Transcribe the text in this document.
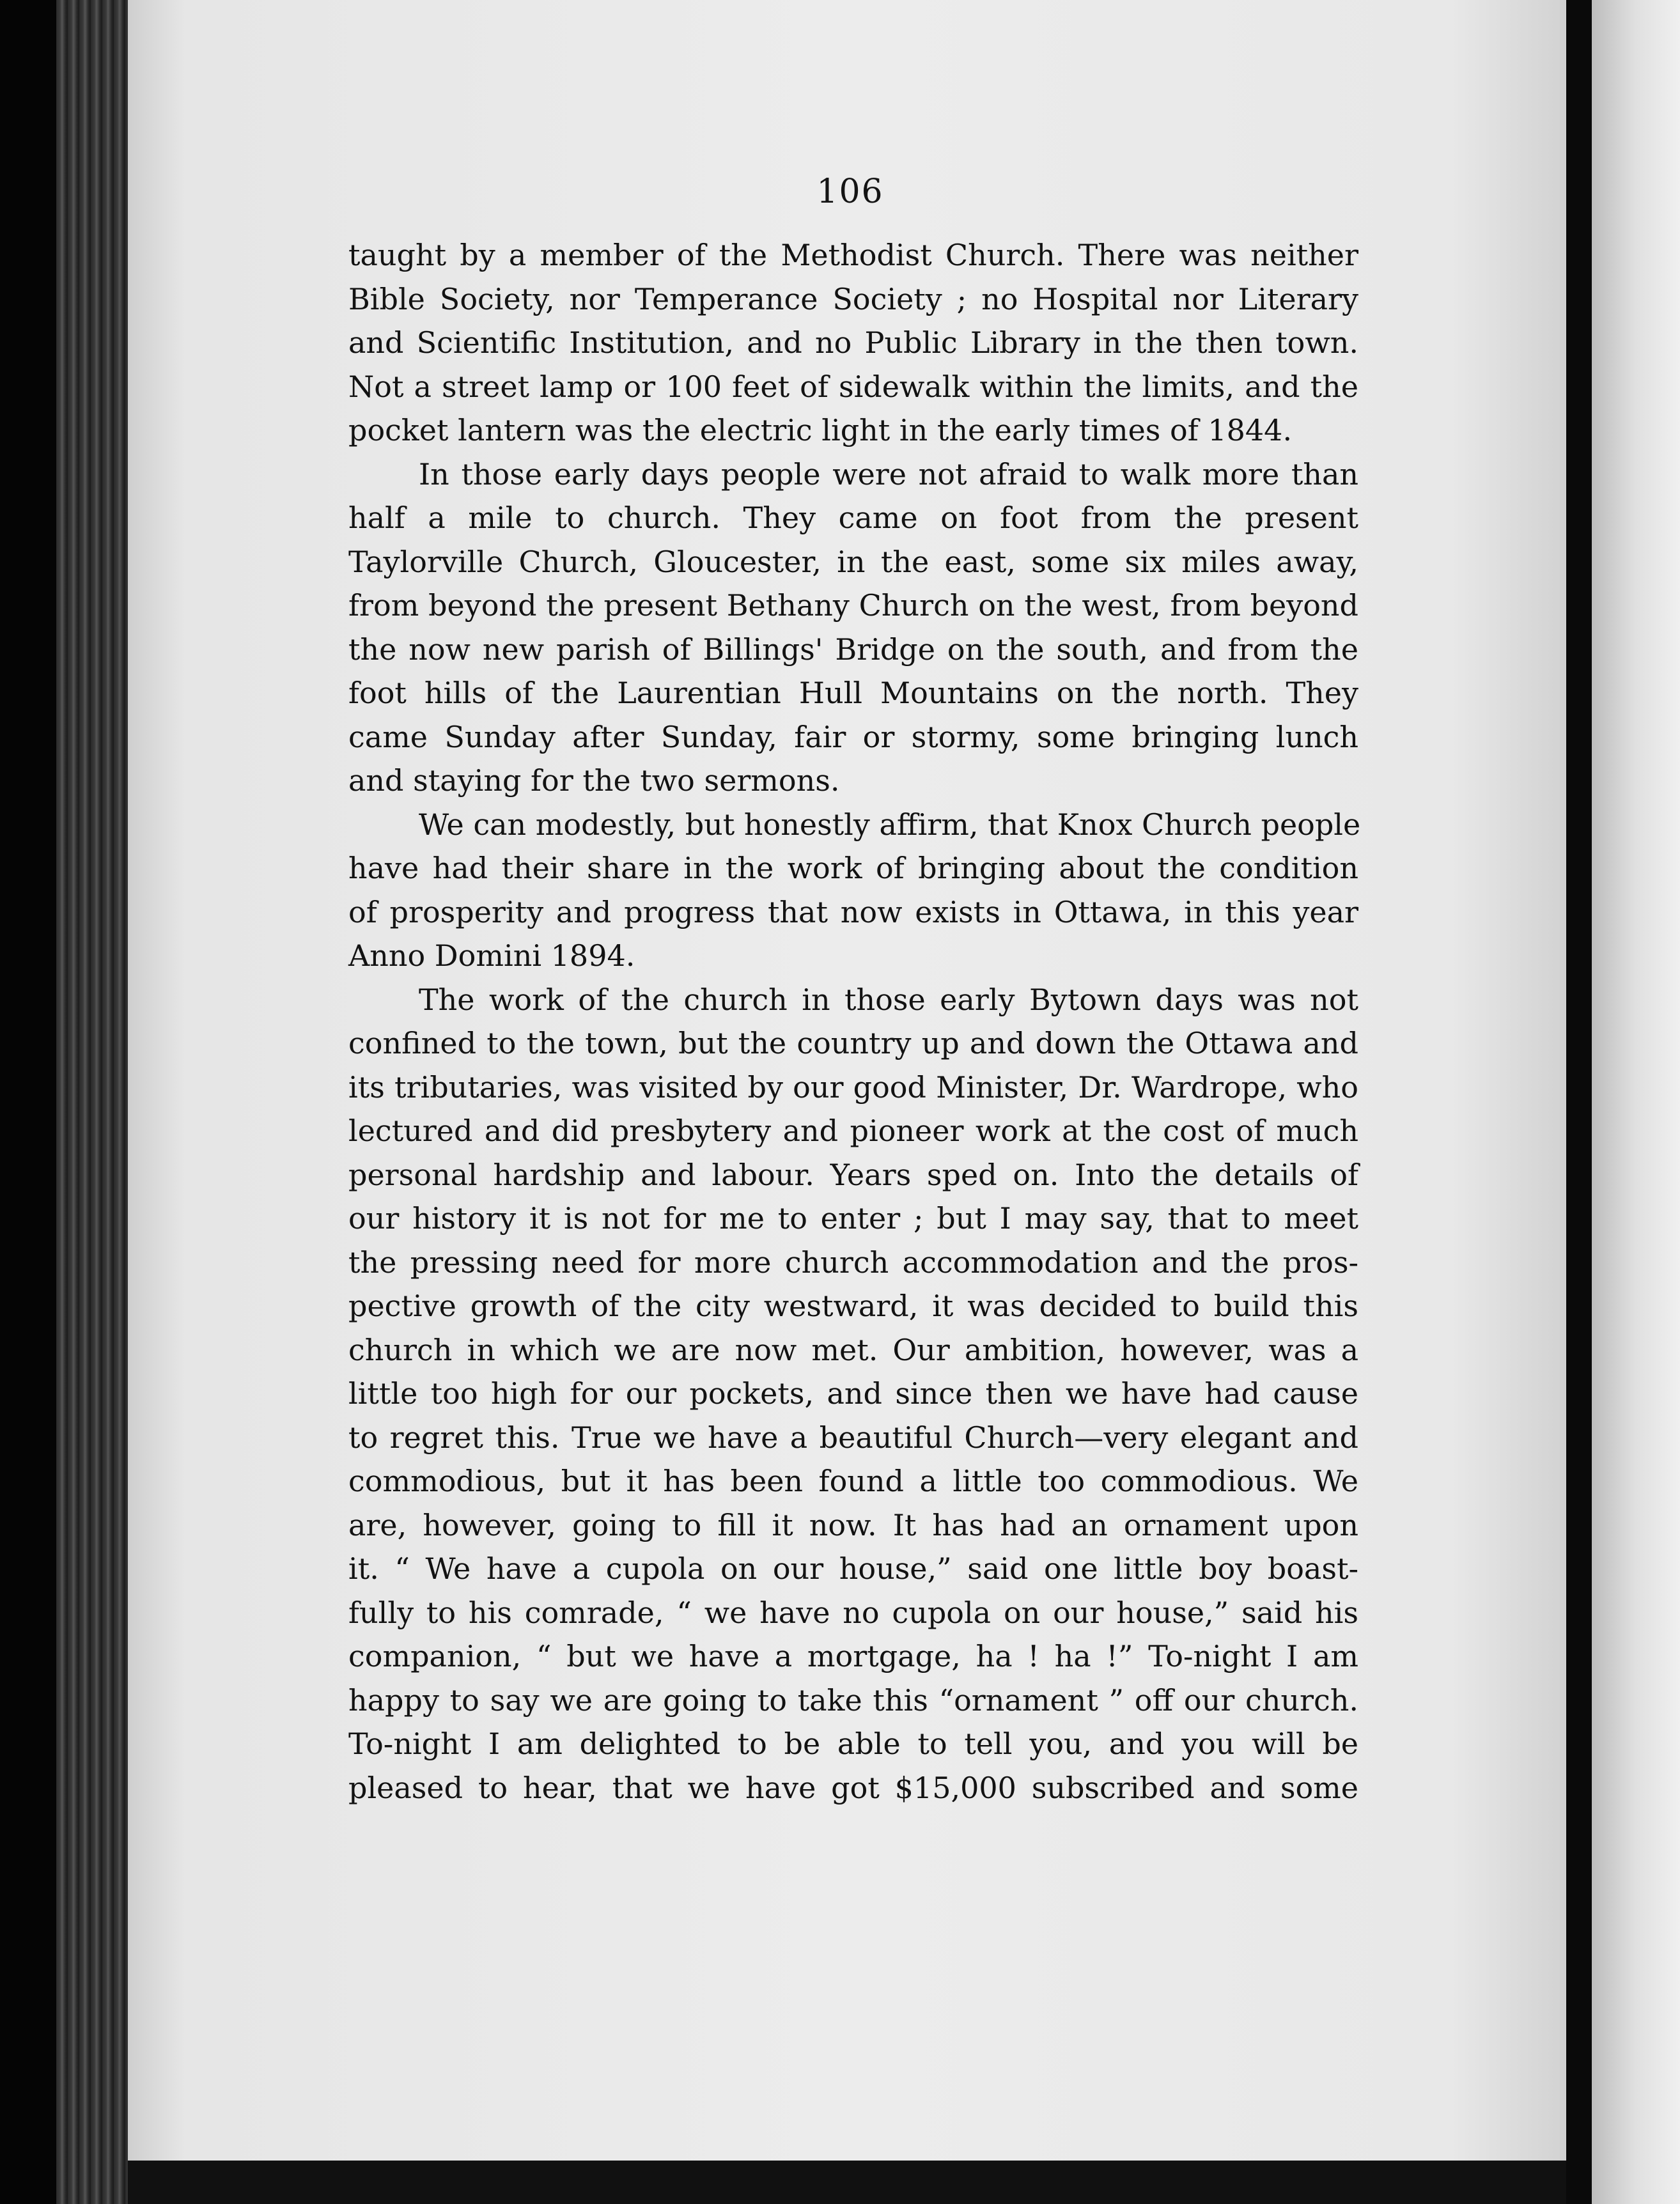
106
taught by a member of the Methodist Church. There was neither
Bible Society, nor Temperance Society ; no Hospital nor Literary
and Scientific Institution, and no Public Library in the then town.
Not a street lamp or 100 feet of sidewalk within the limits, and the
pocket lantern was the electric light in the early times of 1844.
In those early days people were not afraid to walk more than
half a mile to church. They came on foot from the present
Taylorville Church, Gloucester, in the east, some six miles away,
from beyond the present Bethany Church on the west, from beyond
the now new parish of Billings' Bridge on the south, and from the
foot hills of the Laurentian Hull Mountains on the north. They
came Sunday after Sunday, fair or stormy, some bringing lunch
and staying for the two sermons.
We can modestly, but honestly affirm, that Knox Church people
have had their share in the work of bringing about the condition
of prosperity and progress that now exists in Ottawa, in this year
Anno Domini 1894.
The work of the church in those early Bytown days was not
confined to the town, but the country up and down the Ottawa and
its tributaries, was visited by our good Minister, Dr. Wardrope, who
lectured and did presbytery and pioneer work at the cost of much
personal hardship and labour. Years sped on. Into the details of
our history it is not for me to enter ; but I may say, that to meet
the pressing need for more church accommodation and the pros-
pective growth of the city westward, it was decided to build this
church in which we are now met. Our ambition, however, was a
little too high for our pockets, and since then we have had cause
to regret this. True we have a beautiful Church—very elegant and
commodious, but it has been found a little too commodious. We
are, however, going to fill it now. It has had an ornament upon
it. “ We have a cupola on our house,” said one little boy boast-
fully to his comrade, “ we have no cupola on our house,” said his
companion, “ but we have a mortgage, ha ! ha !” To-night I am
happy to say we are going to take this “ornament ” off our church.
To-night I am delighted to be able to tell you, and you will be
pleased to hear, that we have got $15,000 subscribed and some
